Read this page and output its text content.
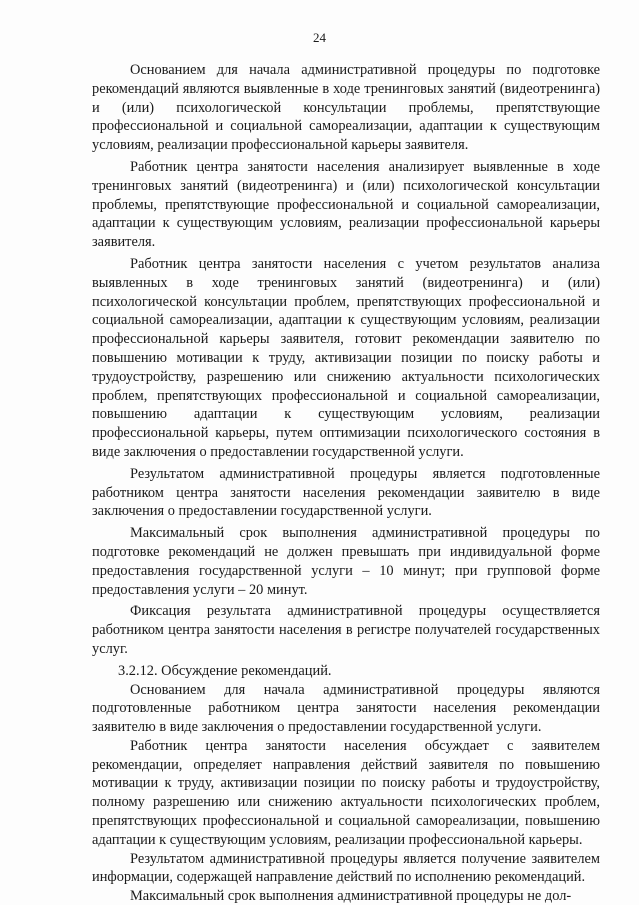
24

Основанием для начала административной процедуры по подготовке рекомендаций являются выявленные в ходе тренинговых занятий (видеотренинга) и (или) психологической консультации проблемы, препятствующие профессиональной и социальной самореализации, адаптации к существующим условиям, реализации профессиональной карьеры заявителя.

Работник центра занятости населения анализирует выявленные в ходе тренинговых занятий (видеотренинга) и (или) психологической консультации проблемы, препятствующие профессиональной и социальной самореализации, адаптации к существующим условиям, реализации профессиональной карьеры заявителя.

Работник центра занятости населения с учетом результатов анализа выявленных в ходе тренинговых занятий (видеотренинга) и (или) психологической консультации проблем, препятствующих профессиональной и социальной самореализации, адаптации к существующим условиям, реализации профессиональной карьеры заявителя, готовит рекомендации заявителю по повышению мотивации к труду, активизации позиции по поиску работы и трудоустройству, разрешению или снижению актуальности психологических проблем, препятствующих профессиональной и социальной самореализации, повышению адаптации к существующим условиям, реализации профессиональной карьеры, путем оптимизации психологического состояния в виде заключения о предоставлении государственной услуги.

Результатом административной процедуры является подготовленные работником центра занятости населения рекомендации заявителю в виде заключения о предоставлении государственной услуги.

Максимальный срок выполнения административной процедуры по подготовке рекомендаций не должен превышать при индивидуальной форме предоставления государственной услуги – 10 минут; при групповой форме предоставления услуги – 20 минут.

Фиксация результата административной процедуры осуществляется работником центра занятости населения в регистре получателей государственных услуг.

3.2.12. Обсуждение рекомендаций.

Основанием для начала административной процедуры являются подготовленные работником центра занятости населения рекомендации заявителю в виде заключения о предоставлении государственной услуги.

Работник центра занятости населения обсуждает с заявителем рекомендации, определяет направления действий заявителя по повышению мотивации к труду, активизации позиции по поиску работы и трудоустройству, полному разрешению или снижению актуальности психологических проблем, препятствующих профессиональной и социальной самореализации, повышению адаптации к существующим условиям, реализации профессиональной карьеры.

Результатом административной процедуры является получение заявителем информации, содержащей направление действий по исполнению рекомендаций.

Максимальный срок выполнения административной процедуры не дол-
